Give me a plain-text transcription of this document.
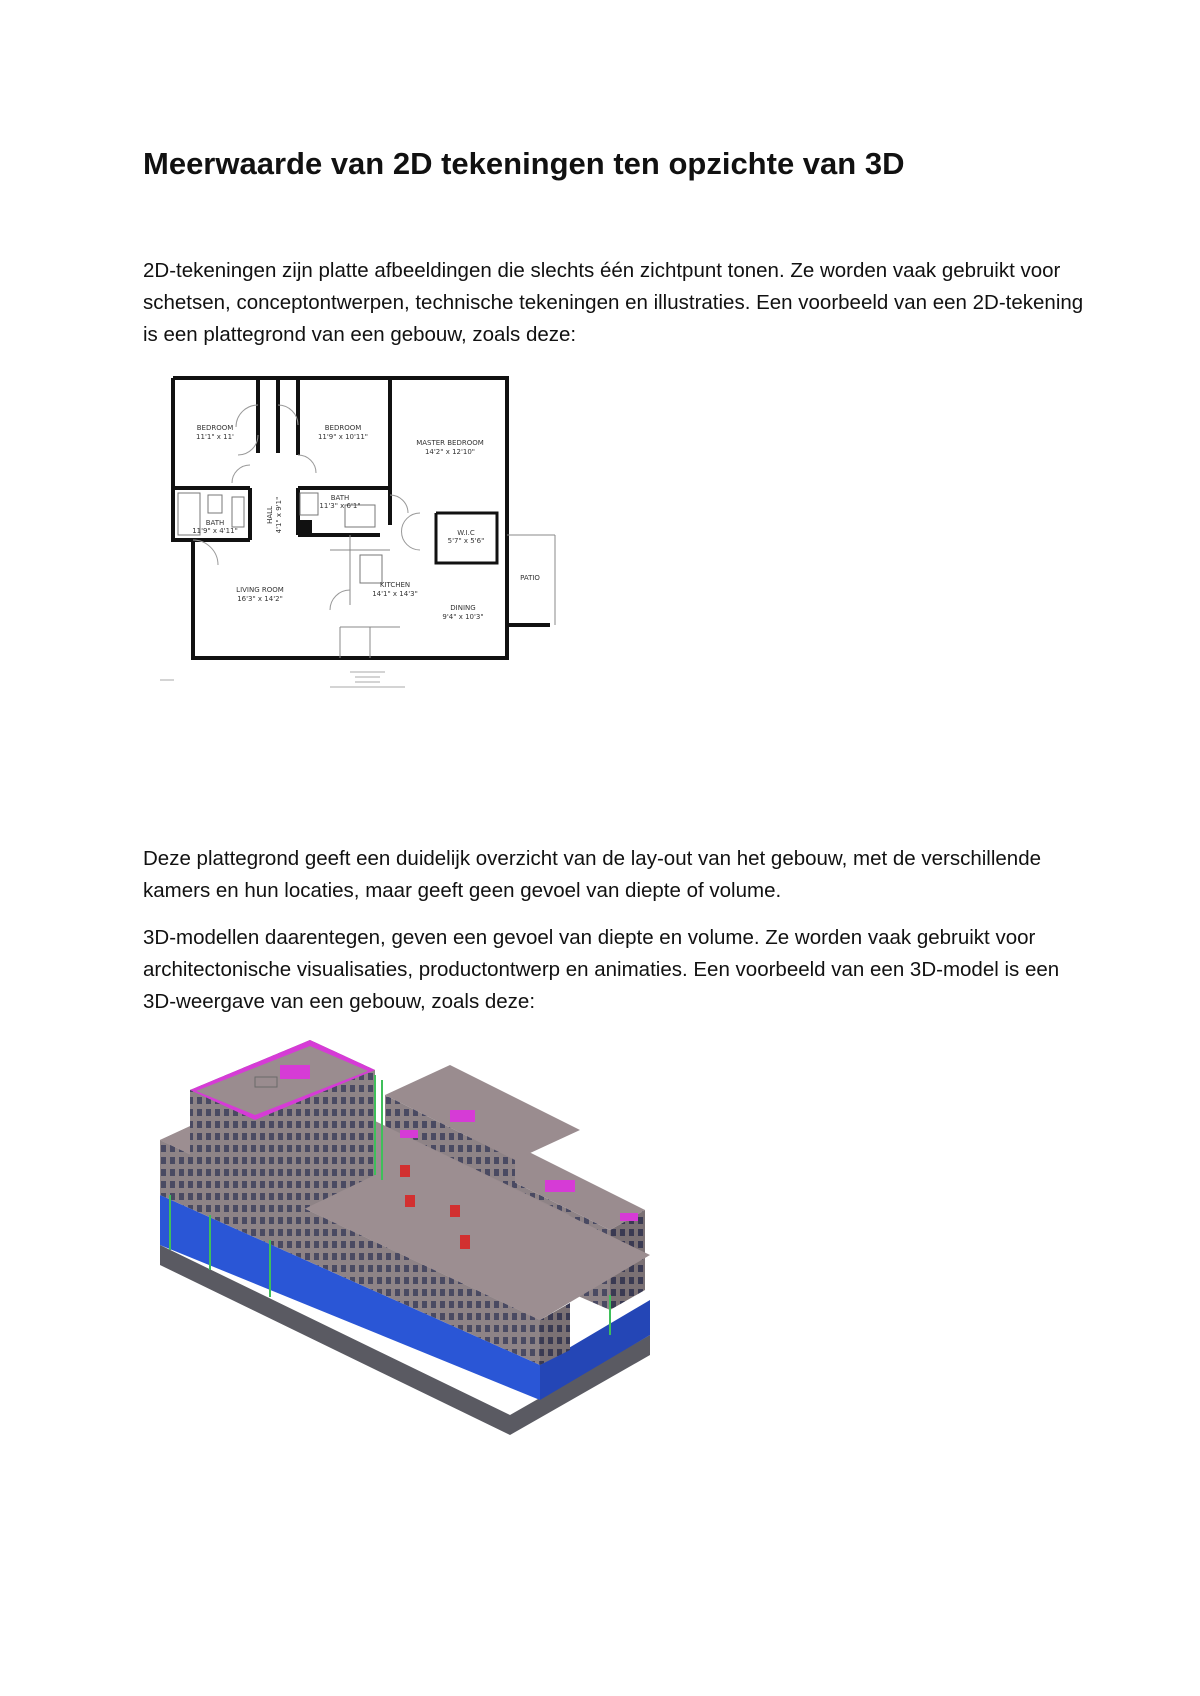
Meerwaarde van 2D tekeningen ten opzichte van 3D

2D-tekeningen zijn platte afbeeldingen die slechts één zichtpunt tonen. Ze worden vaak gebruikt voor schetsen, conceptontwerpen, technische tekeningen en illustraties. Een voorbeeld van een 2D-tekening is een plattegrond van een gebouw, zoals deze:

BEDROOM
11'1" x 11'
BEDROOM
11'9" x 10'11"
MASTER BEDROOM
14'2" x 12'10"
BATH
11'9" x 4'11"
HALL 4'1" x 9'1"	BATH
11'3" x 6'1"
W.I.C
5'7" x 5'6"
LIVING ROOM
16'3" x 14'2"
KITCHEN
14'1" x 14'3"
DINING
9'4" x 10'3"
PATIO

Deze plattegrond geeft een duidelijk overzicht van de lay-out van het gebouw, met de verschillende kamers en hun locaties, maar geeft geen gevoel van diepte of volume.

3D-modellen daarentegen, geven een gevoel van diepte en volume. Ze worden vaak gebruikt voor architectonische visualisaties, productontwerp en animaties. Een voorbeeld van een 3D-model is een 3D-weergave van een gebouw, zoals deze:
